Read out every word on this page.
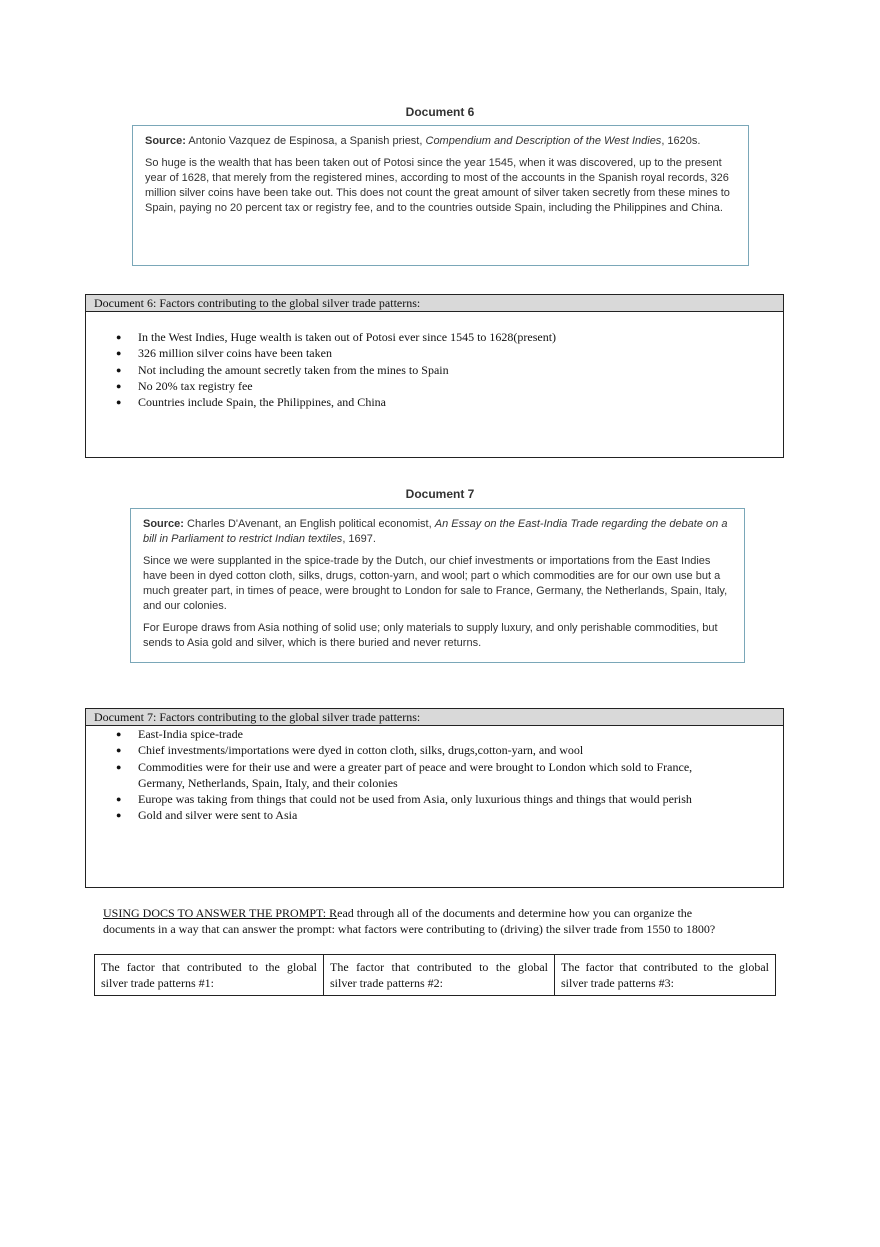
Document 6

Source: Antonio Vazquez de Espinosa, a Spanish priest, Compendium and Description of the West Indies, 1620s.

So huge is the wealth that has been taken out of Potosi since the year 1545, when it was discovered, up to the present year of 1628, that merely from the registered mines, according to most of the accounts in the Spanish royal records, 326 million silver coins have been take out. This does not count the great amount of silver taken secretly from these mines to Spain, paying no 20 percent tax or registry fee, and to the countries outside Spain, including the Philippines and China.

Document 6: Factors contributing to the global silver trade patterns:
● In the West Indies, Huge wealth is taken out of Potosi ever since 1545 to 1628(present)
● 326 million silver coins have been taken
● Not including the amount secretly taken from the mines to Spain
● No 20% tax registry fee
● Countries include Spain, the Philippines, and China
Document 7

Source: Charles D'Avenant, an English political economist, An Essay on the East-India Trade regarding the debate on a bill in Parliament to restrict Indian textiles, 1697.

Since we were supplanted in the spice-trade by the Dutch, our chief investments or importations from the East Indies have been in dyed cotton cloth, silks, drugs, cotton-yarn, and wool; part o which commodities are for our own use but a much greater part, in times of peace, were brought to London for sale to France, Germany, the Netherlands, Spain, Italy, and our colonies.

For Europe draws from Asia nothing of solid use; only materials to supply luxury, and only perishable commodities, but sends to Asia gold and silver, which is there buried and never returns.

Document 7: Factors contributing to the global silver trade patterns:
● East-India spice-trade
● Chief investments/importations were dyed in cotton cloth, silks, drugs,cotton-yarn, and wool
● Commodities were for their use and were a greater part of peace and were brought to London which sold to France, Germany, Netherlands, Spain, Italy, and their colonies
● Europe was taking from things that could not be used from Asia, only luxurious things and things that would perish
● Gold and silver were sent to Asia
USING DOCS TO ANSWER THE PROMPT: Read through all of the documents and determine how you can organize the documents in a way that can answer the prompt: what factors were contributing to (driving) the silver trade from 1550 to 1800?
The factor that contributed to the global silver trade patterns #1:
The factor that contributed to the global silver trade patterns #2:
The factor that contributed to the global silver trade patterns #3:
